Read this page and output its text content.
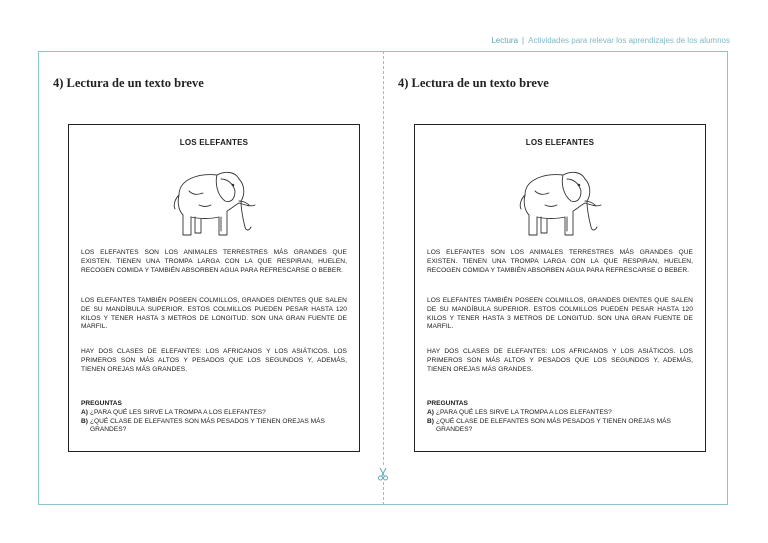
Lectura | Actividades para relevar los aprendizajes de los alumnos
4) Lectura de un texto breve
LOS ELEFANTES
LOS ELEFANTES SON LOS ANIMALES TERRESTRES MÁS GRANDES QUE EXISTEN. TIENEN UNA TROMPA LARGA CON LA QUE RESPIRAN, HUELEN, RECOGEN COMIDA Y TAMBIÉN ABSORBEN AGUA PARA REFRESCARSE O BEBER.
LOS ELEFANTES TAMBIÉN POSEEN COLMILLOS, GRANDES DIENTES QUE SALEN DE SU MANDÍBULA SUPERIOR. ESTOS COLMILLOS PUEDEN PESAR HASTA 120 KILOS Y TENER HASTA 3 METROS DE LONGITUD. SON UNA GRAN FUENTE DE MARFIL.
HAY DOS CLASES DE ELEFANTES: LOS AFRICANOS Y LOS ASIÁTICOS. LOS PRIMEROS SON MÁS ALTOS Y PESADOS QUE LOS SEGUNDOS Y, ADEMÁS, TIENEN OREJAS MÁS GRANDES.
PREGUNTAS
A) ¿PARA QUÉ LES SIRVE LA TROMPA A LOS ELEFANTES?
B) ¿QUÉ CLASE DE ELEFANTES SON MÁS PESADOS Y TIENEN OREJAS MÁS GRANDES?
4) Lectura de un texto breve
LOS ELEFANTES
LOS ELEFANTES SON LOS ANIMALES TERRESTRES MÁS GRANDES QUE EXISTEN. TIENEN UNA TROMPA LARGA CON LA QUE RESPIRAN, HUELEN, RECOGEN COMIDA Y TAMBIÉN ABSORBEN AGUA PARA REFRESCARSE O BEBER.
LOS ELEFANTES TAMBIÉN POSEEN COLMILLOS, GRANDES DIENTES QUE SALEN DE SU MANDÍBULA SUPERIOR. ESTOS COLMILLOS PUEDEN PESAR HASTA 120 KILOS Y TENER HASTA 3 METROS DE LONGITUD. SON UNA GRAN FUENTE DE MARFIL.
HAY DOS CLASES DE ELEFANTES: LOS AFRICANOS Y LOS ASIÁTICOS. LOS PRIMEROS SON MÁS ALTOS Y PESADOS QUE LOS SEGUNDOS Y, ADEMÁS, TIENEN OREJAS MÁS GRANDES.
PREGUNTAS
A) ¿PARA QUÉ LES SIRVE LA TROMPA A LOS ELEFANTES?
B) ¿QUÉ CLASE DE ELEFANTES SON MÁS PESADOS Y TIENEN OREJAS MÁS GRANDES?
